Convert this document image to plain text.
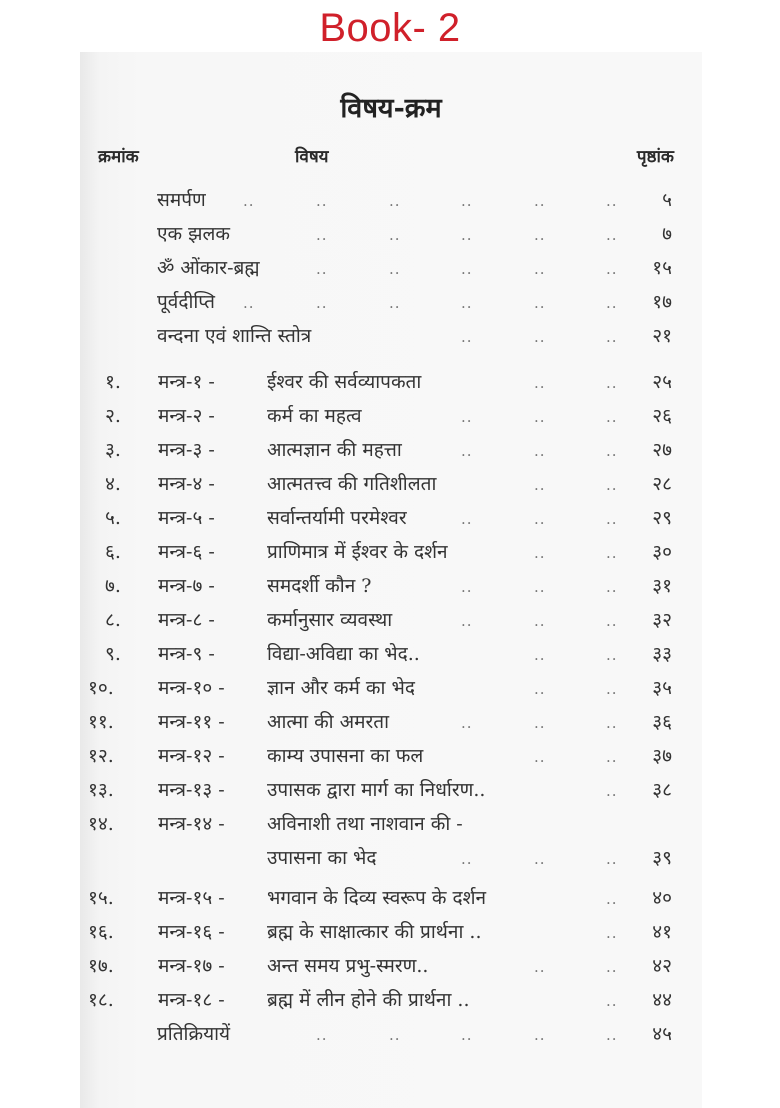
Book- 2
विषय-क्रम
क्रमांक	विषय	पृष्ठांक
समर्पण ..	..	..	..	..	.. ५
एक झलक	..	..	..	..	.. ७
ॐ ओंकार-ब्रह्म	..	..	..	..	.. १५
पूर्वदीप्ति ..	..	..	..	..	.. १७
वन्दना एवं शान्ति स्तोत्र	..	..	.. २१
१. मन्त्र-१ -	ईश्वर की सर्वव्यापकता	..	.. २५
२. मन्त्र-२ -	कर्म का महत्व	..	..	.. २६
३. मन्त्र-३ -	आत्मज्ञान की महत्ता	..	..	.. २७
४. मन्त्र-४ -	आत्मतत्त्व की गतिशीलता	..	.. २८
५. मन्त्र-५ -	सर्वान्तर्यामी परमेश्वर	..	..	.. २९
६. मन्त्र-६ -	प्राणिमात्र में ईश्वर के दर्शन	..	.. ३०
७. मन्त्र-७ -	समदर्शी कौन ?	..	..	.. ३१
८. मन्त्र-८ -	कर्मानुसार व्यवस्था	..	..	.. ३२
९. मन्त्र-९ -	विद्या-अविद्या का भेद..	..	.. ३३
१०. मन्त्र-१० - ज्ञान और कर्म का भेद	..	.. ३५
११. मन्त्र-११ - आत्मा की अमरता	..	..	.. ३६
१२. मन्त्र-१२ - काम्य उपासना का फल	..	.. ३७
१३. मन्त्र-१३ - उपासक द्वारा मार्ग का निर्धारण..	.. ३८
१४. मन्त्र-१४ - अविनाशी तथा नाशवान की -
उपासना का भेद	..	..	.. ३९
१५. मन्त्र-१५ - भगवान के दिव्य स्वरूप के दर्शन	.. ४०
१६. मन्त्र-१६ - ब्रह्म के साक्षात्कार की प्रार्थना ..	.. ४१
१७. मन्त्र-१७ - अन्त समय प्रभु-स्मरण..	..	.. ४२
१८. मन्त्र-१८ - ब्रह्म में लीन होने की प्रार्थना ..	.. ४४
प्रतिक्रियायें	..	..	..	..	.. ४५
